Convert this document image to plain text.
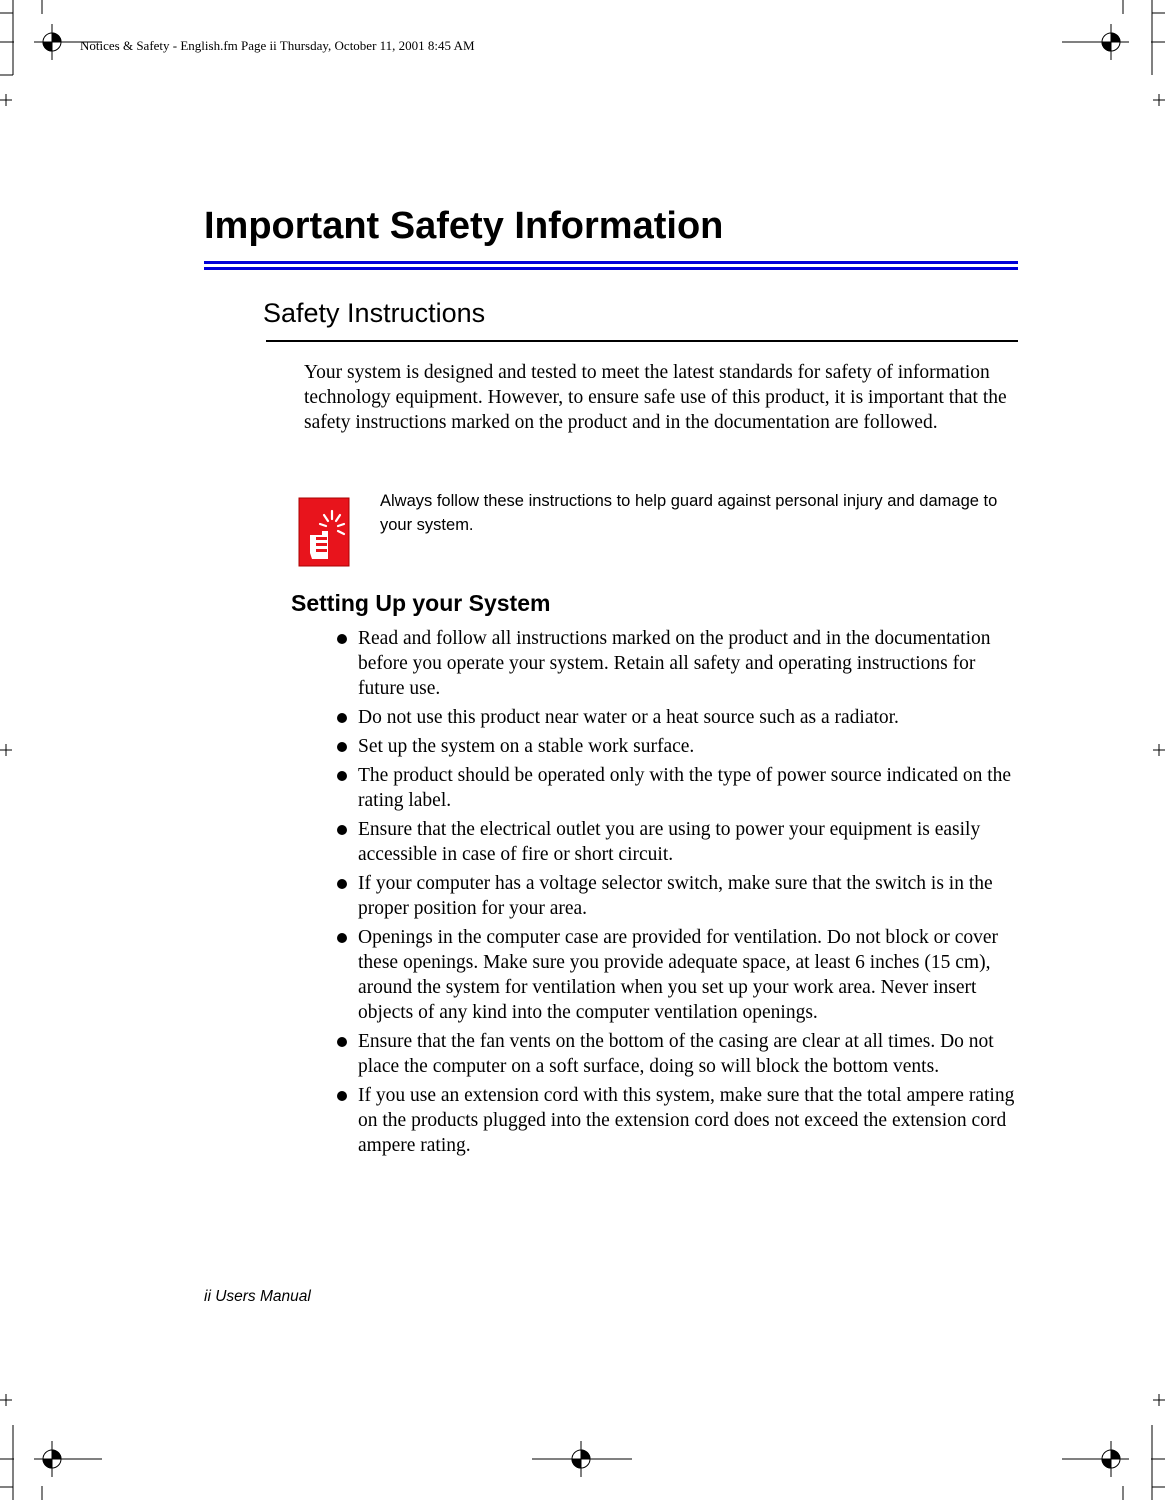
Notices & Safety - English.fm Page ii Thursday, October 11, 2001 8:45 AM
Important Safety Information
Safety Instructions

Your system is designed and tested to meet the latest standards for safety of information technology equipment. However, to ensure safe use of this product, it is important that the safety instructions marked on the product and in the documentation are followed.

Always follow these instructions to help guard against personal injury and damage to your system.

Setting Up your System
Read and follow all instructions marked on the product and in the documentation before you operate your system. Retain all safety and operating instructions for future use.
Do not use this product near water or a heat source such as a radiator.
Set up the system on a stable work surface.
The product should be operated only with the type of power source indicated on the rating label.
Ensure that the electrical outlet you are using to power your equipment is easily accessible in case of fire or short circuit.
If your computer has a voltage selector switch, make sure that the switch is in the proper position for your area.
Openings in the computer case are provided for ventilation. Do not block or cover these openings. Make sure you provide adequate space, at least 6 inches (15 cm), around the system for ventilation when you set up your work area. Never insert objects of any kind into the computer ventilation openings.
Ensure that the fan vents on the bottom of the casing are clear at all times. Do not place the computer on a soft surface, doing so will block the bottom vents.
If you use an extension cord with this system, make sure that the total ampere rating on the products plugged into the extension cord does not exceed the extension cord ampere rating.
ii Users Manual
